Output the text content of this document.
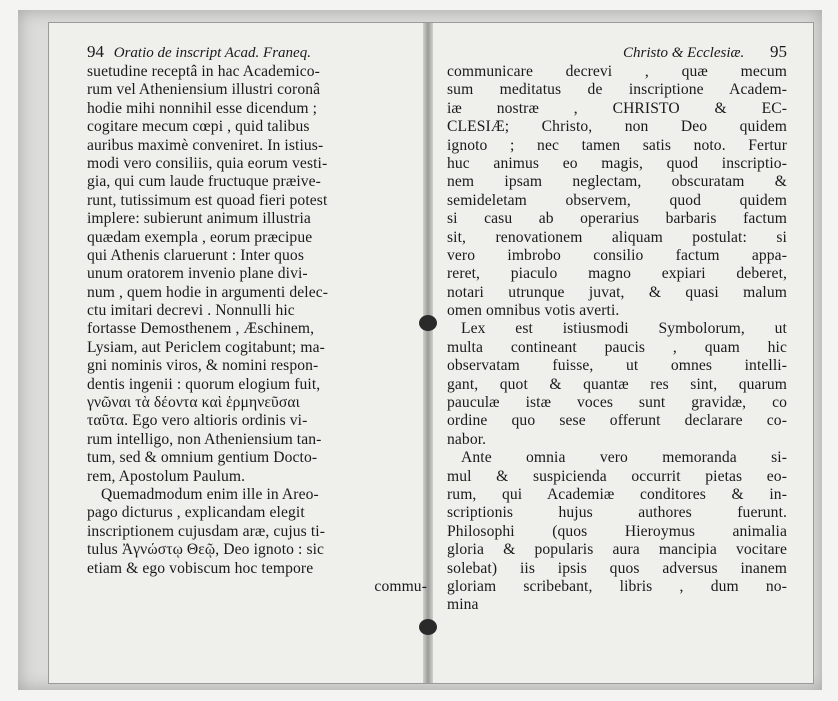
94 Oratio de inscript Acad. Franeq.
suetudine receptâ in hac Academico-
rum vel Atheniensium illustri coronâ
hodie mihi nonnihil esse dicendum ;
cogitare mecum cœpi , quid talibus
auribus maximè conveniret. In istius-
modi vero consiliis, quia eorum vesti-
gia, qui cum laude fructuque præive-
runt, tutissimum est quoad fieri potest
implere: subierunt animum illustria
quædam exempla , eorum præcipue
qui Athenis claruerunt : Inter quos
unum oratorem invenio plane divi-
num , quem hodie in argumenti delec-
ctu imitari decrevi . Nonnulli hic
fortasse Demosthenem , Æschinem,
Lysiam, aut Periclem cogitabunt; ma-
gni nominis viros, & nomini respon-
dentis ingenii : quorum elogium fuit,
γνῶναι τὰ δέοντα καὶ ἑρμηνεῦσαι
ταῦτα. Ego vero altioris ordinis vi-
rum intelligo, non Atheniensium tan-
tum, sed & omnium gentium Docto-
rem, Apostolum Paulum.
Quemadmodum enim ille in Areo-
pago dicturus , explicandam elegit
inscriptionem cujusdam aræ, cujus ti-
tulus Ἀγνώστῳ Θεῷ, Deo ignoto : sic
etiam & ego vobiscum hoc tempore
commu-
Christo & Ecclesiæ. 95
communicare decrevi , quæ mecum
sum meditatus de inscriptione Academ-
iæ nostræ , CHRISTO & EC-
CLESIÆ; Christo, non Deo quidem
ignoto ; nec tamen satis noto. Fertur
huc animus eo magis, quod inscriptio-
nem ipsam neglectam, obscuratam &
semideletam observem, quod quidem
si casu ab operarius barbaris factum
sit, renovationem aliquam postulat: si
vero imbrobo consilio factum appa-
reret, piaculo magno expiari deberet,
notari utrunque juvat, & quasi malum
omen omnibus votis averti.
Lex est istiusmodi Symbolorum, ut
multa contineant paucis , quam hic
observatam fuisse, ut omnes intelli-
gant, quot & quantæ res sint, quarum
pauculæ istæ voces sunt gravidæ, co
ordine quo sese offerunt declarare co-
nabor.
Ante omnia vero memoranda si-
mul & suspicienda occurrit pietas eo-
rum, qui Academiæ conditores & in-
scriptionis hujus authores fuerunt.
Philosophi (quos Hieroymus animalia
gloria & popularis aura mancipia vocitare
solebat) iis ipsis quos adversus inanem
gloriam scribebant, libris , dum no-
mina
